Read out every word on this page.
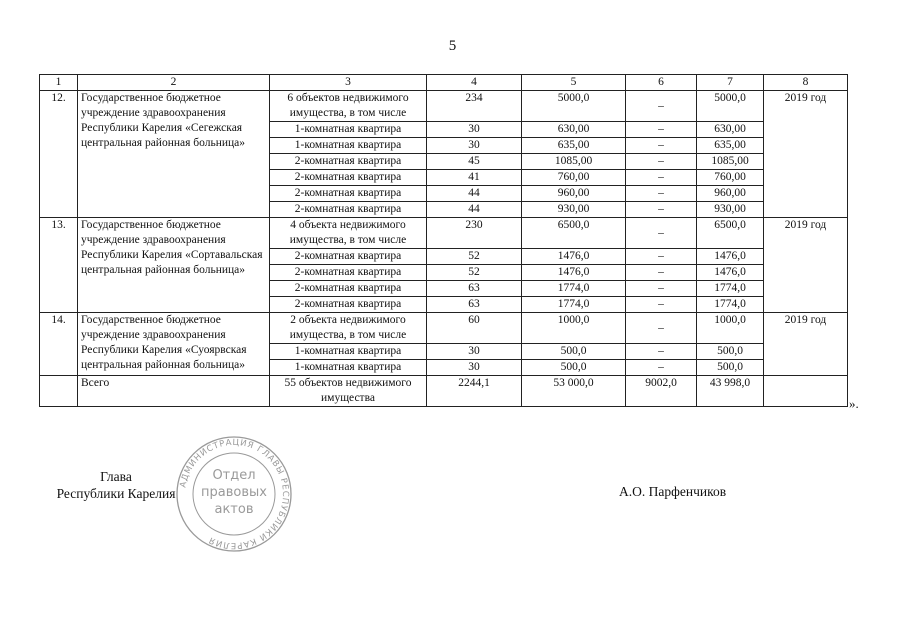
5
1	2	3	4	5	6	7	8
12.	Государственное бюджетное учреждение здравоохранения Республики Карелия «Сегежская центральная районная больница»	6 объектов недвижимого имущества, в том числе	234	5000,0	–	5000,0	2019 год
		1-комнатная квартира	30	630,00	–	630,00	
		1-комнатная квартира	30	635,00	–	635,00	
		2-комнатная квартира	45	1085,00	–	1085,00	
		2-комнатная квартира	41	760,00	–	760,00	
		2-комнатная квартира	44	960,00	–	960,00	
		2-комнатная квартира	44	930,00	–	930,00	
13.	Государственное бюджетное учреждение здравоохранения Республики Карелия «Сортавальская центральная районная больница»	4 объекта недвижимого имущества, в том числе	230	6500,0	–	6500,0	2019 год
		2-комнатная квартира	52	1476,0	–	1476,0	
		2-комнатная квартира	52	1476,0	–	1476,0	
		2-комнатная квартира	63	1774,0	–	1774,0	
		2-комнатная квартира	63	1774,0	–	1774,0	
14.	Государственное бюджетное учреждение здравоохранения Республики Карелия «Суоярвская центральная районная больница»	2 объекта недвижимого имущества, в том числе	60	1000,0	–	1000,0	2019 год
		1-комнатная квартира	30	500,0	–	500,0	
		1-комнатная квартира	30	500,0	–	500,0	
	Всего	55 объектов недвижимого имущества	2244,1	53 000,0	9002,0	43 998,0	
».
Глава
Республики Карелия
АДМИНИСТРАЦИЯ ГЛАВЫ РЕСПУБЛИКИ КАРЕЛИЯ
Отдел
правовых
актов
А.О. Парфенчиков
